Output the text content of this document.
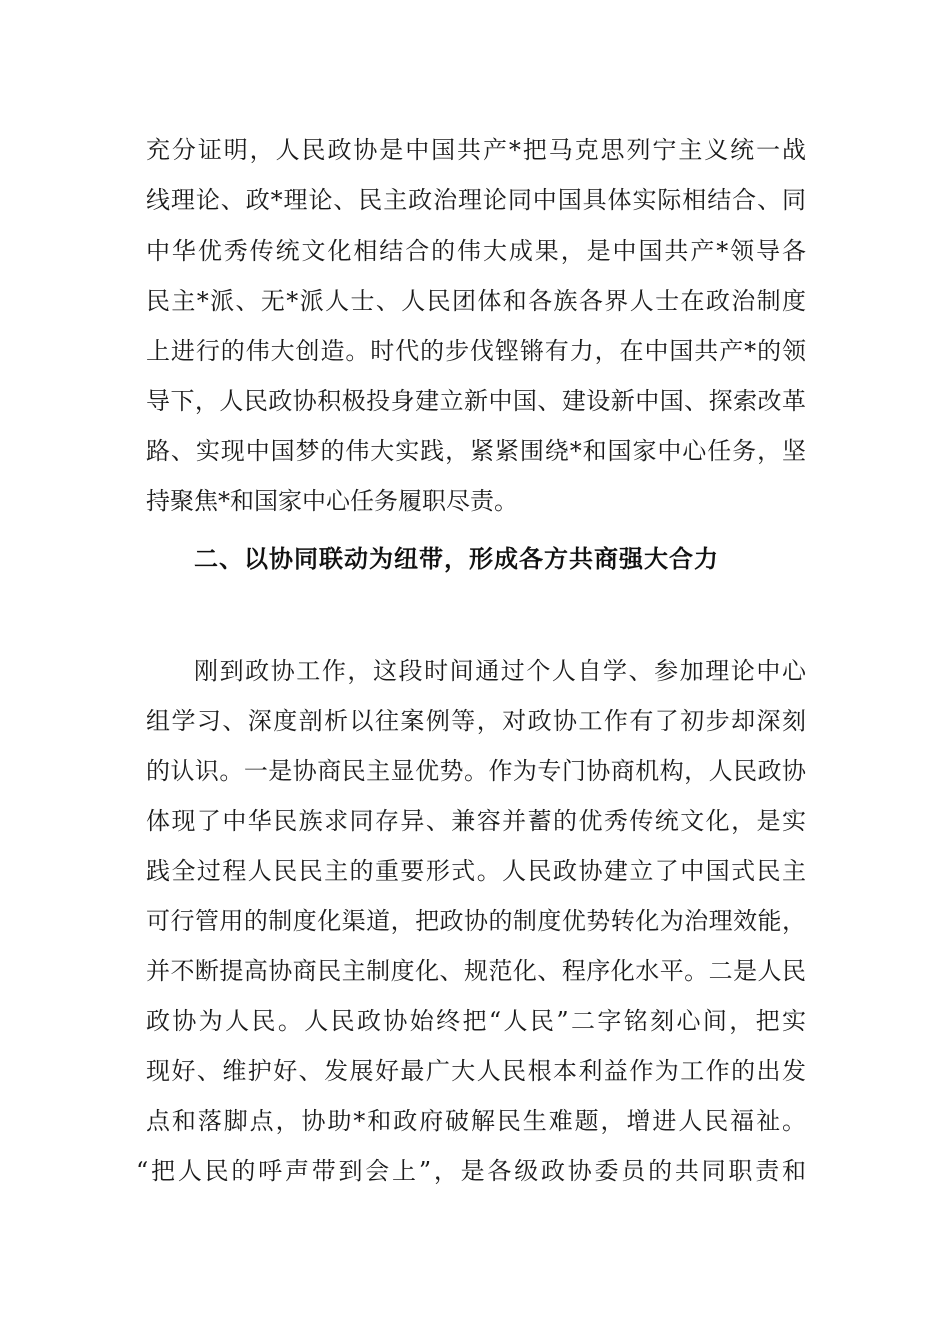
充分证明，人民政协是中国共产*把马克思列宁主义统一战
线理论、政*理论、民主政治理论同中国具体实际相结合、同
中华优秀传统文化相结合的伟大成果，是中国共产*领导各
民主*派、无*派人士、人民团体和各族各界人士在政治制度
上进行的伟大创造。时代的步伐铿锵有力，在中国共产*的领
导下，人民政协积极投身建立新中国、建设新中国、探索改革
路、实现中国梦的伟大实践，紧紧围绕*和国家中心任务，坚
持聚焦*和国家中心任务履职尽责。
二、以协同联动为纽带，形成各方共商强大合力
刚到政协工作，这段时间通过个人自学、参加理论中心
组学习、深度剖析以往案例等，对政协工作有了初步却深刻
的认识。一是协商民主显优势。作为专门协商机构，人民政协
体现了中华民族求同存异、兼容并蓄的优秀传统文化，是实
践全过程人民民主的重要形式。人民政协建立了中国式民主
可行管用的制度化渠道，把政协的制度优势转化为治理效能，
并不断提高协商民主制度化、规范化、程序化水平。二是人民
政协为人民。人民政协始终把“人民”二字铭刻心间，把实
现好、维护好、发展好最广大人民根本利益作为工作的出发
点和落脚点，协助*和政府破解民生难题，增进人民福祉。
“把人民的呼声带到会上”，是各级政协委员的共同职责和
